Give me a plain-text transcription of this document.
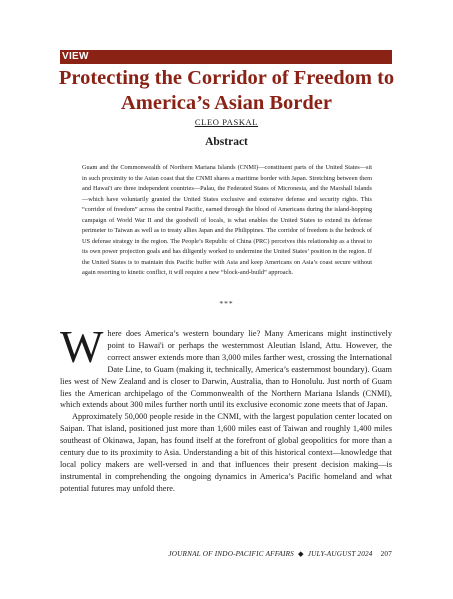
VIEW
Protecting the Corridor of Freedom to America’s Asian Border
CLEO PASKAL
Abstract

Guam and the Commonwealth of Northern Mariana Islands (CNMI)—constituent parts of the United States—sit in such proximity to the Asian coast that the CNMI shares a maritime border with Japan. Stretching between them and Hawai'i are three independent countries—Palau, the Federated States of Micronesia, and the Marshall Islands—which have voluntarily granted the United States exclusive and extensive defense and security rights. This “corridor of freedom” across the central Pacific, earned through the blood of Americans during the island-hopping campaign of World War II and the goodwill of locals, is what enables the United States to extend its defense perimeter to Taiwan as well as to treaty allies Japan and the Philippines. The corridor of freedom is the bedrock of US defense strategy in the region. The People’s Republic of China (PRC) perceives this relationship as a threat to its own power projection goals and has diligently worked to undermine the United States’ position in the region. If the United States is to maintain this Pacific buffer with Asia and keep Americans on Asia’s coast secure without again resorting to kinetic conflict, it will require a new “block-and-build” approach.

***

Where does America’s western boundary lie? Many Americans might instinctively point to Hawai'i or perhaps the westernmost Aleutian Island, Attu. However, the correct answer extends more than 3,000 miles farther west, crossing the International Date Line, to Guam (making it, technically, America’s easternmost boundary). Guam lies west of New Zealand and is closer to Darwin, Australia, than to Honolulu. Just north of Guam lies the American archipelago of the Commonwealth of the Northern Mariana Islands (CNMI), which extends about 300 miles further north until its exclusive economic zone meets that of Japan.

Approximately 50,000 people reside in the CNMI, with the largest population center located on Saipan. That island, positioned just more than 1,600 miles east of Taiwan and roughly 1,400 miles southeast of Okinawa, Japan, has found itself at the forefront of global geopolitics for more than a century due to its proximity to Asia. Understanding a bit of this historical context—knowledge that local policy makers are well-versed in and that influences their present decision making—is instrumental in comprehending the ongoing dynamics in America’s Pacific homeland and what potential futures may unfold there.

JOURNAL OF INDO-PACIFIC AFFAIRS ◆ JULY-AUGUST 2024 207
